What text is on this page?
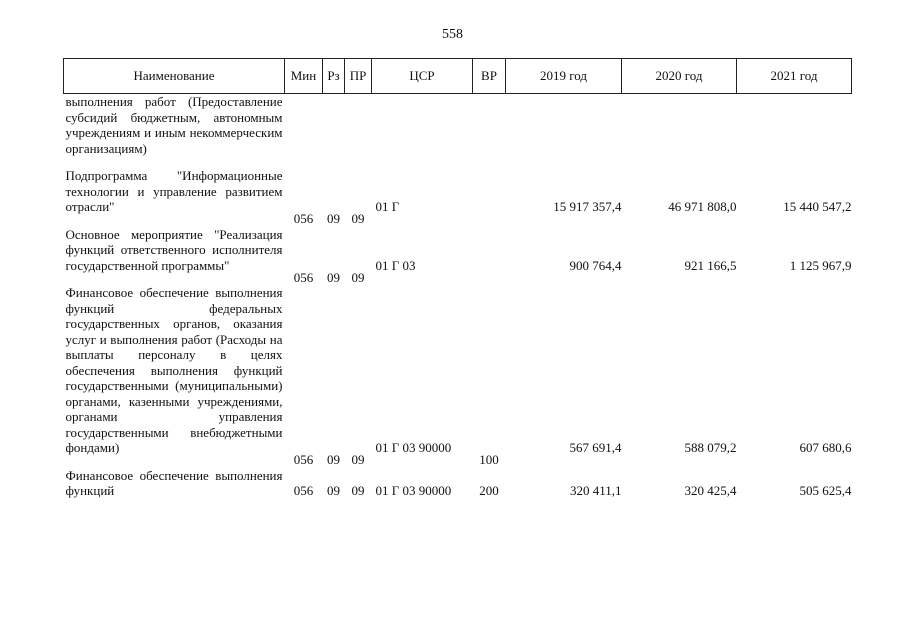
558
Наименование	Мин	Рз	ПР	ЦСР	ВР	2019 год	2020 год	2021 год
выполнения работ (Предоставление субсидий бюджетным, автономным учреждениям и иным некоммерческим организациям)								
Подпрограмма "Информационные технологии и управление развитием отрасли"	056	09	09	01 Г		15 917 357,4	46 971 808,0	15 440 547,2
Основное мероприятие "Реализация функций ответственного исполнителя государственной программы"	056	09	09	01 Г 03		900 764,4	921 166,5	1 125 967,9
Финансовое обеспечение выполнения функций федеральных государственных органов, оказания услуг и выполнения работ (Расходы на выплаты персоналу в целях обеспечения выполнения функций государственными (муниципальными) органами, казенными учреждениями, органами управления государственными внебюджетными фондами)	056	09	09	01 Г 03 90000	100	567 691,4	588 079,2	607 680,6
Финансовое обеспечение выполнения функций	056	09	09	01 Г 03 90000	200	320 411,1	320 425,4	505 625,4
